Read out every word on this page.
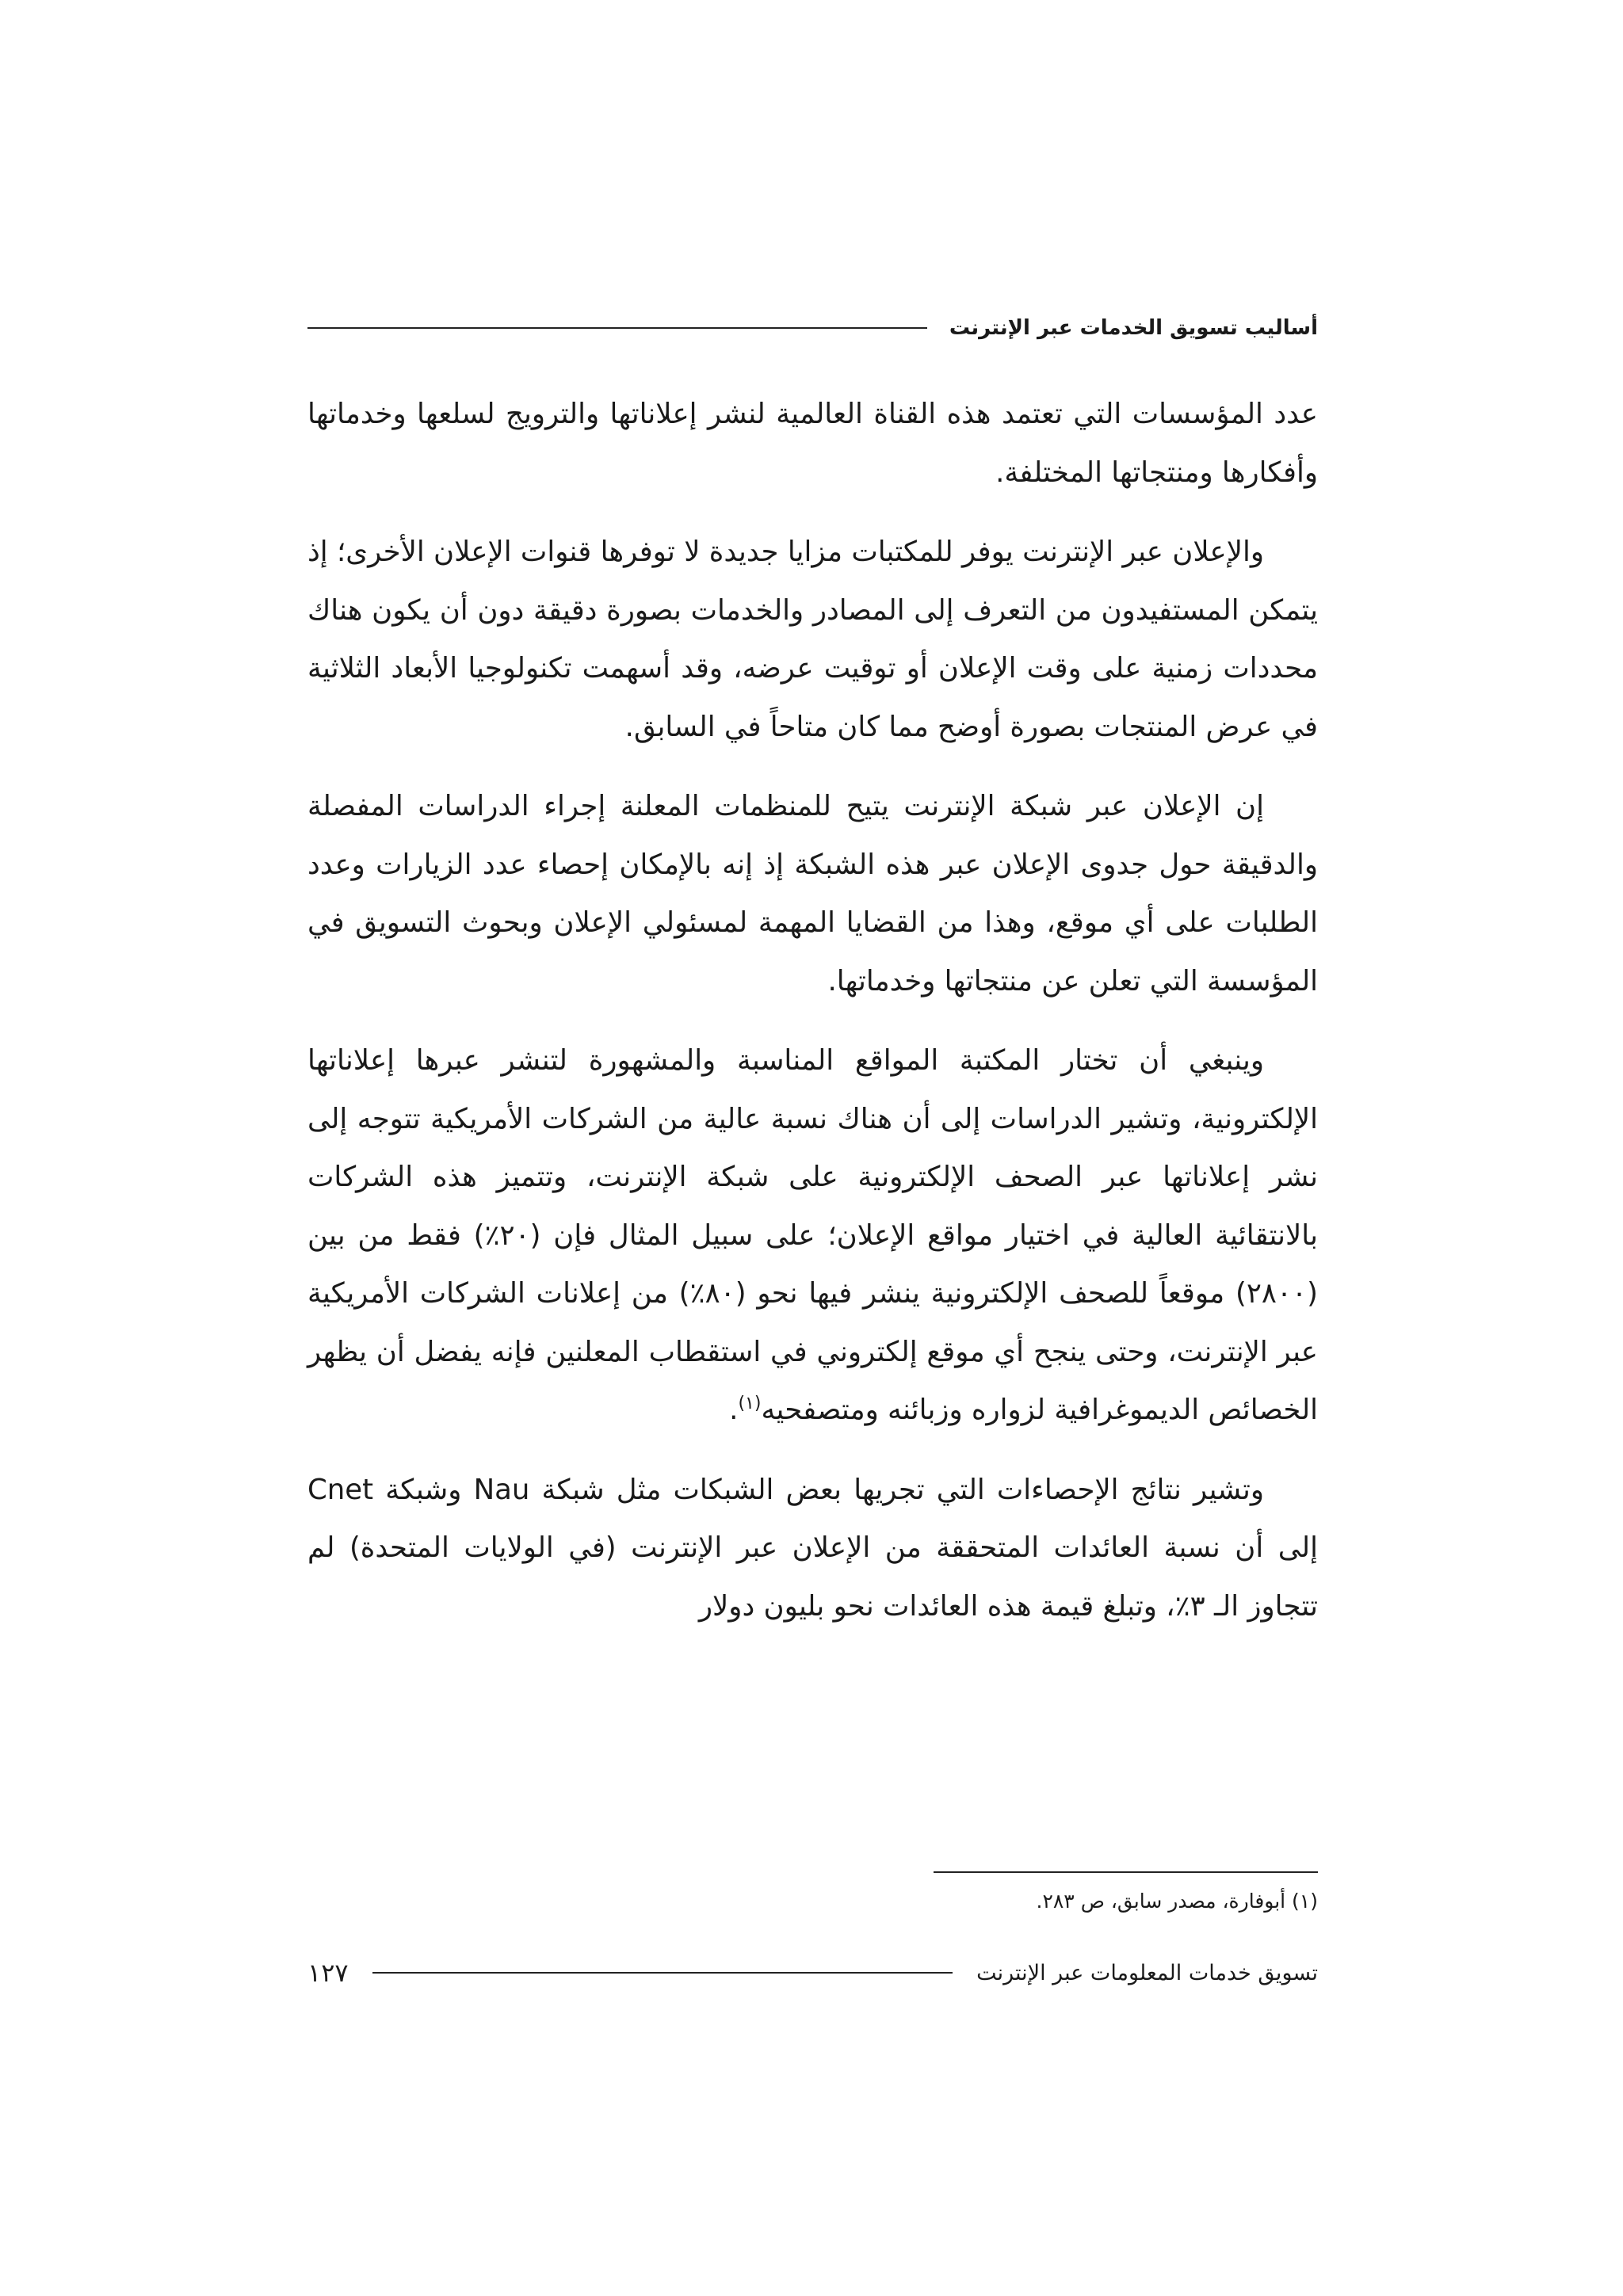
أساليب تسويق الخدمات عبر الإنترنت

عدد المؤسسات التي تعتمد هذه القناة العالمية لنشر إعلاناتها والترويج لسلعها وخدماتها وأفكارها ومنتجاتها المختلفة.

والإعلان عبر الإنترنت يوفر للمكتبات مزايا جديدة لا توفرها قنوات الإعلان الأخرى؛ إذ يتمكن المستفيدون من التعرف إلى المصادر والخدمات بصورة دقيقة دون أن يكون هناك محددات زمنية على وقت الإعلان أو توقيت عرضه، وقد أسهمت تكنولوجيا الأبعاد الثلاثية في عرض المنتجات بصورة أوضح مما كان متاحاً في السابق.

إن الإعلان عبر شبكة الإنترنت يتيح للمنظمات المعلنة إجراء الدراسات المفصلة والدقيقة حول جدوى الإعلان عبر هذه الشبكة إذ إنه بالإمكان إحصاء عدد الزيارات وعدد الطلبات على أي موقع، وهذا من القضايا المهمة لمسئولي الإعلان وبحوث التسويق في المؤسسة التي تعلن عن منتجاتها وخدماتها.

وينبغي أن تختار المكتبة المواقع المناسبة والمشهورة لتنشر عبرها إعلاناتها الإلكترونية، وتشير الدراسات إلى أن هناك نسبة عالية من الشركات الأمريكية تتوجه إلى نشر إعلاناتها عبر الصحف الإلكترونية على شبكة الإنترنت، وتتميز هذه الشركات بالانتقائية العالية في اختيار مواقع الإعلان؛ على سبيل المثال فإن (٢٠٪) فقط من بين (٢٨٠٠) موقعاً للصحف الإلكترونية ينشر فيها نحو (٨٠٪) من إعلانات الشركات الأمريكية عبر الإنترنت، وحتى ينجح أي موقع إلكتروني في استقطاب المعلنين فإنه يفضل أن يظهر الخصائص الديموغرافية لزواره وزبائنه ومتصفحيه$^{(١)}$.

وتشير نتائج الإحصاءات التي تجريها بعض الشبكات مثل شبكة Nau وشبكة Cnet إلى أن نسبة العائدات المتحققة من الإعلان عبر الإنترنت (في الولايات المتحدة) لم تتجاوز الـ ٣٪، وتبلغ قيمة هذه العائدات نحو بليون دولار

(١) أبوفارة، مصدر سابق، ص ٢٨٣.
تسويق خدمات المعلومات عبر الإنترنت
١٢٧
